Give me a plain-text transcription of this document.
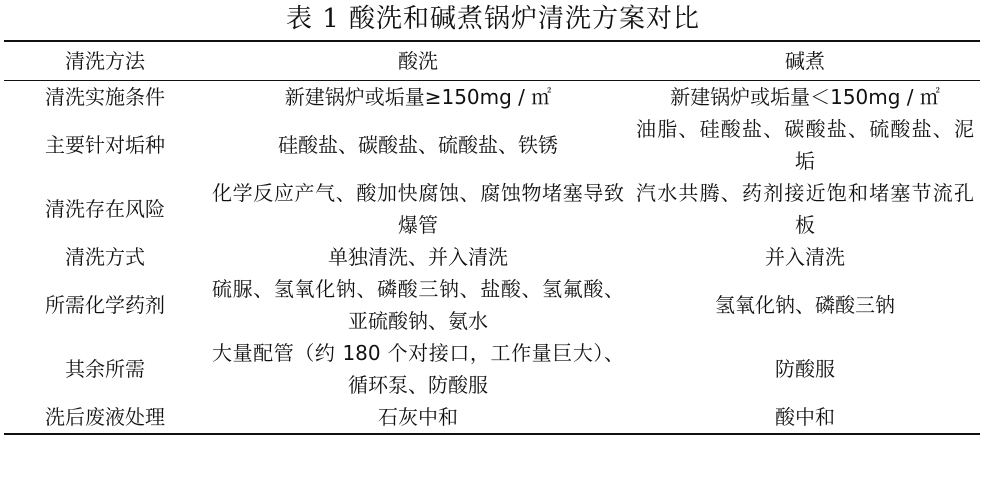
表 1 酸洗和碱煮锅炉清洗方案对比
清洗方法	酸洗	碱煮
清洗实施条件	新建锅炉或垢量≥150mg / ㎡	新建锅炉或垢量＜150mg / ㎡
主要针对垢种	硅酸盐、碳酸盐、硫酸盐、铁锈	油脂、硅酸盐、碳酸盐、硫酸盐、泥垢
清洗存在风险	化学反应产气、酸加快腐蚀、腐蚀物堵塞导致爆管	汽水共腾、药剂接近饱和堵塞节流孔板
清洗方式	单独清洗、并入清洗	并入清洗
所需化学药剂	硫脲、氢氧化钠、磷酸三钠、盐酸、氢氟酸、亚硫酸钠、氨水	氢氧化钠、磷酸三钠
其余所需	大量配管（约 180 个对接口，工作量巨大）、循环泵、防酸服	防酸服
洗后废液处理	石灰中和	酸中和
